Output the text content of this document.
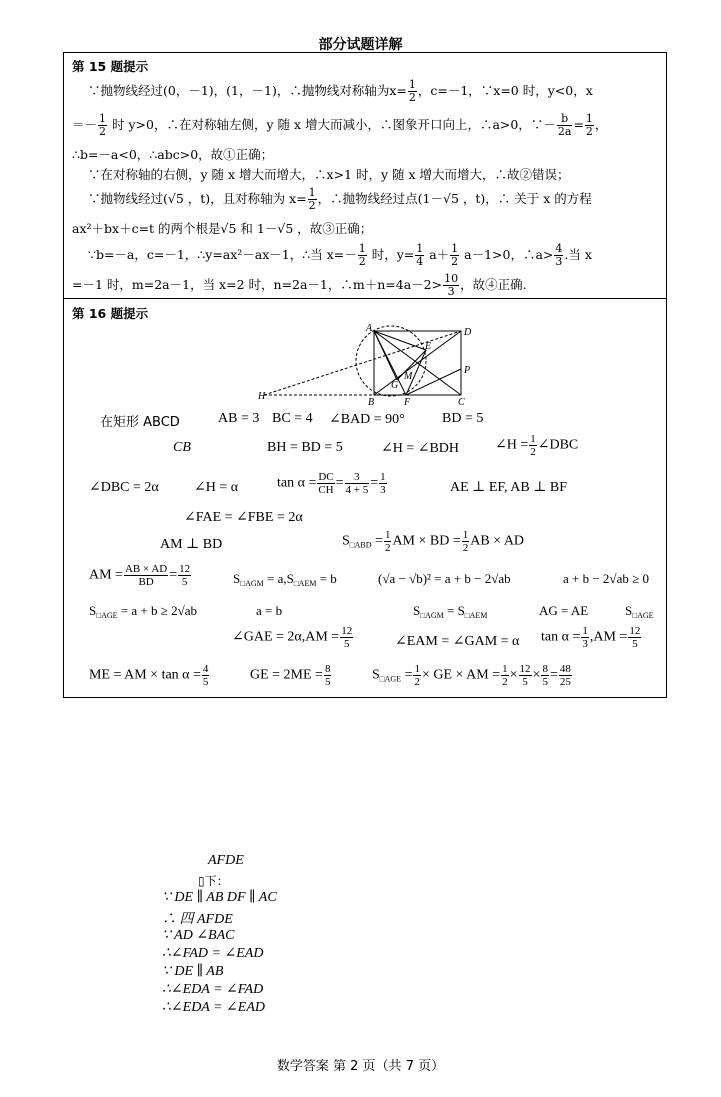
部分试题详解
第 15 题提示
∵抛物线经过(0，－1)，(1，－1)，∴抛物线对称轴为$x= \frac{1}{2}$ ，c=－1，∵x=0 时，y<0，x
＝－ $\frac{1}{2}$ 时 y>0，∴在对称轴左侧，y 随 x 增大而减小，∴图象开口向上，∴a>0，∵－ $\frac{b}{2a} = \frac{1}{2}$ ，
∴b=－a<0，∴abc>0，故①正确；
∵在对称轴的右侧，y 随 x 增大而增大，∴x>1 时，y 随 x 增大而增大，∴故②错误；
∵抛物线经过(√5 ，t)，且对称轴为 $x= \frac{1}{2}$ ，∴抛物线经过点(1－√5 ，t)，∴ 关于 x 的方程
ax²＋bx＋c=t 的两个根是√5 和 1－√5 ，故③正确；
∵b=－a，c=－1，∴y=ax²－ax－1，∴当 $x=- \frac{1}{2}$ 时，$y= \frac{1}{4} a+ \frac{1}{2} a-1>0$，∴a> $\frac{4}{3}$ .当 x
=－1 时，m=2a－1，当 x=2 时，n=2a－1，∴m＋n=4a－2> $\frac{10}{3}$ ，故④正确.
第 16 题提示
A	D
E
M
G
P
H
B	F	C
在矩形 ABCD	AB = 3 BC = 4 ∠BAD = 90°	BD = 5
CB	BH = BD = 5	∠H = ∠BDH	∠H = $\frac{1}{2}$ ∠DBC
∠DBC = 2α	∠H = α	$\tan \alpha = \frac{DC}{CH} = \frac{3}{4 + 5} = \frac{1}{3}$	AE ⊥ EF, AB ⊥ BF
∠FAE = ∠FBE = 2α
AM ⊥ BD	$S_{□ABD} = \frac{1}{2}$ AM × BD = $\frac{1}{2}$ AB × AD
AM = $\frac{AB \times AD}{BD} = \frac{12}{5}$	$S_{□AGM} = a,S_{□AEM} = b$	(√a − √b)² = a + b − 2√ab	a + b − 2√ab ≥ 0
$S_{□AGE} = a + b \ge 2√ab$	a = b	$S_{□AGM} = S_{□AEM}$	AG = AE	$S_{□AGE}$
∠GAE = $2\alpha,AM = \frac{12}{5}$	∠EAM = ∠GAM = α $\tan \alpha = \frac{1}{3} ,AM = \frac{12}{5}$
ME = AM × $\tan \alpha = \frac{4}{5}$	GE = $2ME = \frac{8}{5}$	$S_{□AGE} = \frac{1}{2}$ × GE × AM = $\frac{1}{2} \times \frac{12}{5} \times \frac{8}{5} = \frac{48}{25}$
AFDE
▯下：
∵ DE ∥ AB DF ∥ AC
∴ 四 AFDE
∵ AD ∠BAC
∴∠FAD = ∠EAD
∵ DE ∥ AB
∴∠EDA = ∠FAD
∴∠EDA = ∠EAD
数学答案 第 2 页（共 7 页）
